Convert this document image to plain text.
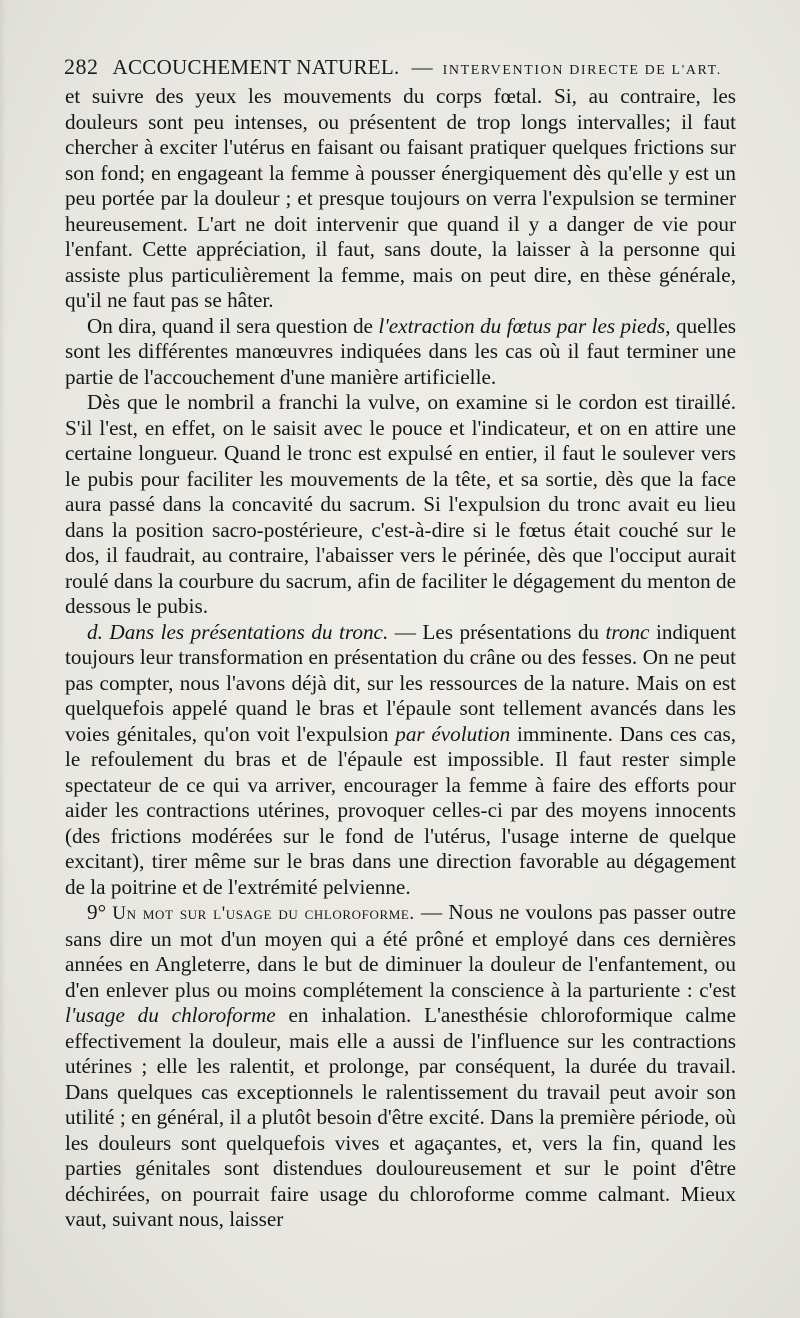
282 ACCOUCHEMENT NATUREL. — INTERVENTION DIRECTE DE L'ART.

et suivre des yeux les mouvements du corps fœtal. Si, au contraire, les douleurs sont peu intenses, ou présentent de trop longs intervalles; il faut chercher à exciter l'utérus en faisant ou faisant pratiquer quelques frictions sur son fond; en engageant la femme à pousser énergiquement dès qu'elle y est un peu portée par la douleur ; et presque toujours on verra l'expulsion se terminer heureusement. L'art ne doit intervenir que quand il y a danger de vie pour l'enfant. Cette appréciation, il faut, sans doute, la laisser à la personne qui assiste plus particulièrement la femme, mais on peut dire, en thèse générale, qu'il ne faut pas se hâter.

On dira, quand il sera question de l'extraction du fœtus par les pieds, quelles sont les différentes manœuvres indiquées dans les cas où il faut terminer une partie de l'accouchement d'une manière artificielle.

Dès que le nombril a franchi la vulve, on examine si le cordon est tiraillé. S'il l'est, en effet, on le saisit avec le pouce et l'indicateur, et on en attire une certaine longueur. Quand le tronc est expulsé en entier, il faut le soulever vers le pubis pour faciliter les mouvements de la tête, et sa sortie, dès que la face aura passé dans la concavité du sacrum. Si l'expulsion du tronc avait eu lieu dans la position sacro-postérieure, c'est-à-dire si le fœtus était couché sur le dos, il faudrait, au contraire, l'abaisser vers le périnée, dès que l'occiput aurait roulé dans la courbure du sacrum, afin de faciliter le dégagement du menton de dessous le pubis.

d. Dans les présentations du tronc. — Les présentations du tronc indiquent toujours leur transformation en présentation du crâne ou des fesses. On ne peut pas compter, nous l'avons déjà dit, sur les ressources de la nature. Mais on est quelquefois appelé quand le bras et l'épaule sont tellement avancés dans les voies génitales, qu'on voit l'expulsion par évolution imminente. Dans ces cas, le refoulement du bras et de l'épaule est impossible. Il faut rester simple spectateur de ce qui va arriver, encourager la femme à faire des efforts pour aider les contractions utérines, provoquer celles-ci par des moyens innocents (des frictions modérées sur le fond de l'utérus, l'usage interne de quelque excitant), tirer même sur le bras dans une direction favorable au dégagement de la poitrine et de l'extrémité pelvienne.

9° Un mot sur l'usage du chloroforme. — Nous ne voulons pas passer outre sans dire un mot d'un moyen qui a été prôné et employé dans ces dernières années en Angleterre, dans le but de diminuer la douleur de l'enfantement, ou d'en enlever plus ou moins complétement la conscience à la parturiente : c'est l'usage du chloroforme en inhalation. L'anesthésie chloroformique calme effectivement la douleur, mais elle a aussi de l'influence sur les contractions utérines ; elle les ralentit, et prolonge, par conséquent, la durée du travail. Dans quelques cas exceptionnels le ralentissement du travail peut avoir son utilité ; en général, il a plutôt besoin d'être excité. Dans la première période, où les douleurs sont quelquefois vives et agaçantes, et, vers la fin, quand les parties génitales sont distendues douloureusement et sur le point d'être déchirées, on pourrait faire usage du chloroforme comme calmant. Mieux vaut, suivant nous, laisser
